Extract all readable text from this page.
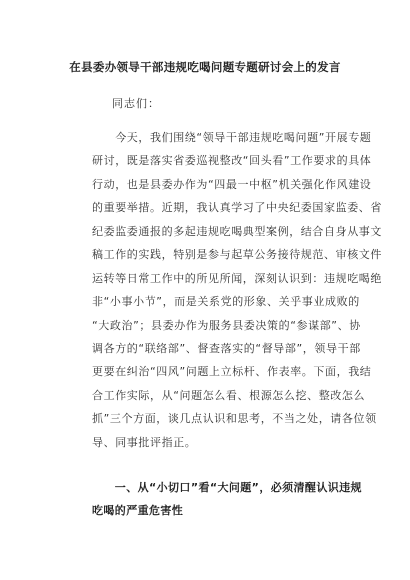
在县委办领导干部违规吃喝问题专题研讨会上的发言
同志们：
　　今天，我们围绕“领导干部违规吃喝问题”开展专题
研讨，既是落实省委巡视整改“回头看”工作要求的具体
行动，也是县委办作为“四最一中枢”机关强化作风建设
的重要举措。近期，我认真学习了中央纪委国家监委、省
纪委监委通报的多起违规吃喝典型案例，结合自身从事文
稿工作的实践，特别是参与起草公务接待规范、审核文件
运转等日常工作中的所见所闻，深刻认识到：违规吃喝绝
非“小事小节”，而是关系党的形象、关乎事业成败的
“大政治”；县委办作为服务县委决策的“参谋部”、协
调各方的“联络部”、督查落实的“督导部”，领导干部
更要在纠治“四风”问题上立标杆、作表率。下面，我结
合工作实际，从“问题怎么看、根源怎么挖、整改怎么
抓”三个方面，谈几点认识和思考，不当之处，请各位领
导、同事批评指正。
　　一、从“小切口”看“大问题”，必须清醒认识违规
吃喝的严重危害性
